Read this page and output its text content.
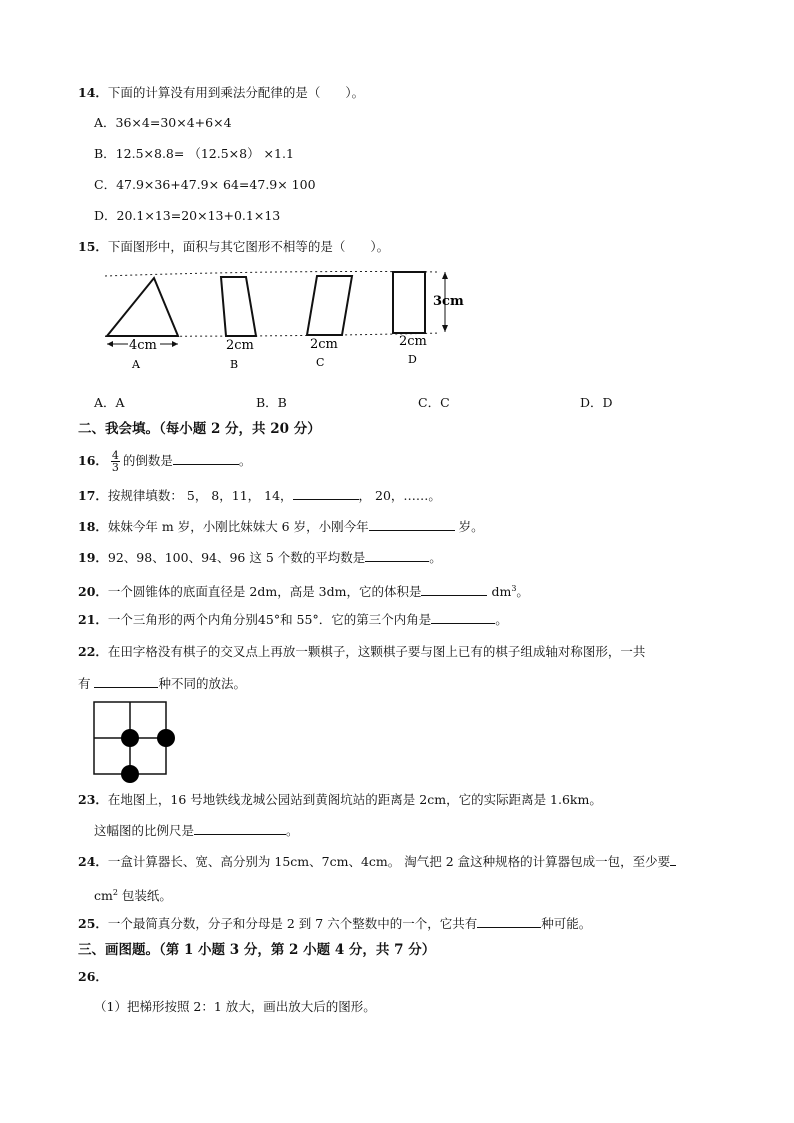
14．下面的计算没有用到乘法分配律的是（　　）。
A．36×4=30×4+6×4
B．12.5×8.8= （12.5×8） ×1.1
C．47.9×36+47.9× 64=47.9× 100
D．20.1×13=20×13+0.1×13
15．下面图形中，面积与其它图形不相等的是（　　）。
4cm
A
2cm
B
2cm
C
2cm
D
3cm
A．A	B．B	C．C	D．D
二、我会填。（每小题 2 分，共 20 分）
16． $\frac{4}{3}$ 的倒数是	。
17．按规律填数： 5， 8，11， 14，	， 20，……。
18．妹妹今年 m 岁，小刚比妹妹大 6 岁，小刚今年	岁。
19．92、98、100、94、96 这 5 个数的平均数是	。
20．一个圆锥体的底面直径是 2dm，高是 3dm，它的体积是	$dm^3$。
21．一个三角形的两个内角分别45°和 55°．它的第三个内角是	。
22．在田字格没有棋子的交叉点上再放一颗棋子，这颗棋子要与图上已有的棋子组成轴对称图形，一共
有	种不同的放法。
23．在地图上，16 号地铁线龙城公园站到黄阁坑站的距离是 2cm，它的实际距离是 1.6km。
这幅图的比例尺是	。
24．一盒计算器长、宽、高分别为 15cm、7cm、4cm。 淘气把 2 盒这种规格的计算器包成一包，至少要
$cm^2$ 包装纸。
25．一个最简真分数，分子和分母是 2 到 7 六个整数中的一个，它共有	种可能。
三、画图题。（第 1 小题 3 分，第 2 小题 4 分，共 7 分）
26．
（1）把梯形按照 2：1 放大，画出放大后的图形。
